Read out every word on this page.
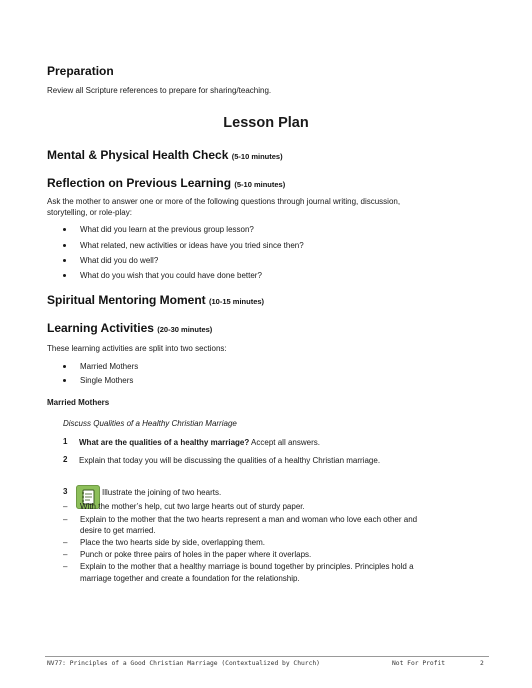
Preparation
Review all Scripture references to prepare for sharing/teaching.
Lesson Plan
Mental & Physical Health Check (5-10 minutes)
Reflection on Previous Learning (5-10 minutes)
Ask the mother to answer one or more of the following questions through journal writing, discussion,
storytelling, or role-play:
What did you learn at the previous group lesson?
What related, new activities or ideas have you tried since then?
What did you do well?
What do you wish that you could have done better?
Spiritual Mentoring Moment (10-15 minutes)
Learning Activities (20-30 minutes)
These learning activities are split into two sections:
Married Mothers
Single Mothers
Married Mothers
Discuss Qualities of a Healthy Christian Marriage
1 What are the qualities of a healthy marriage? Accept all answers.
2 Explain that today you will be discussing the qualities of a healthy Christian marriage.
3	Illustrate the joining of two hearts.
– With the mother’s help, cut two large hearts out of sturdy paper.
– Explain to the mother that the two hearts represent a man and woman who love each other and
desire to get married.
– Place the two hearts side by side, overlapping them.
– Punch or poke three pairs of holes in the paper where it overlaps.
– Explain to the mother that a healthy marriage is bound together by principles. Principles hold a
marriage together and create a foundation for the relationship.
NV77: Principles of a Good Christian Marriage (Contextualized by Church)	Not For Profit	2
